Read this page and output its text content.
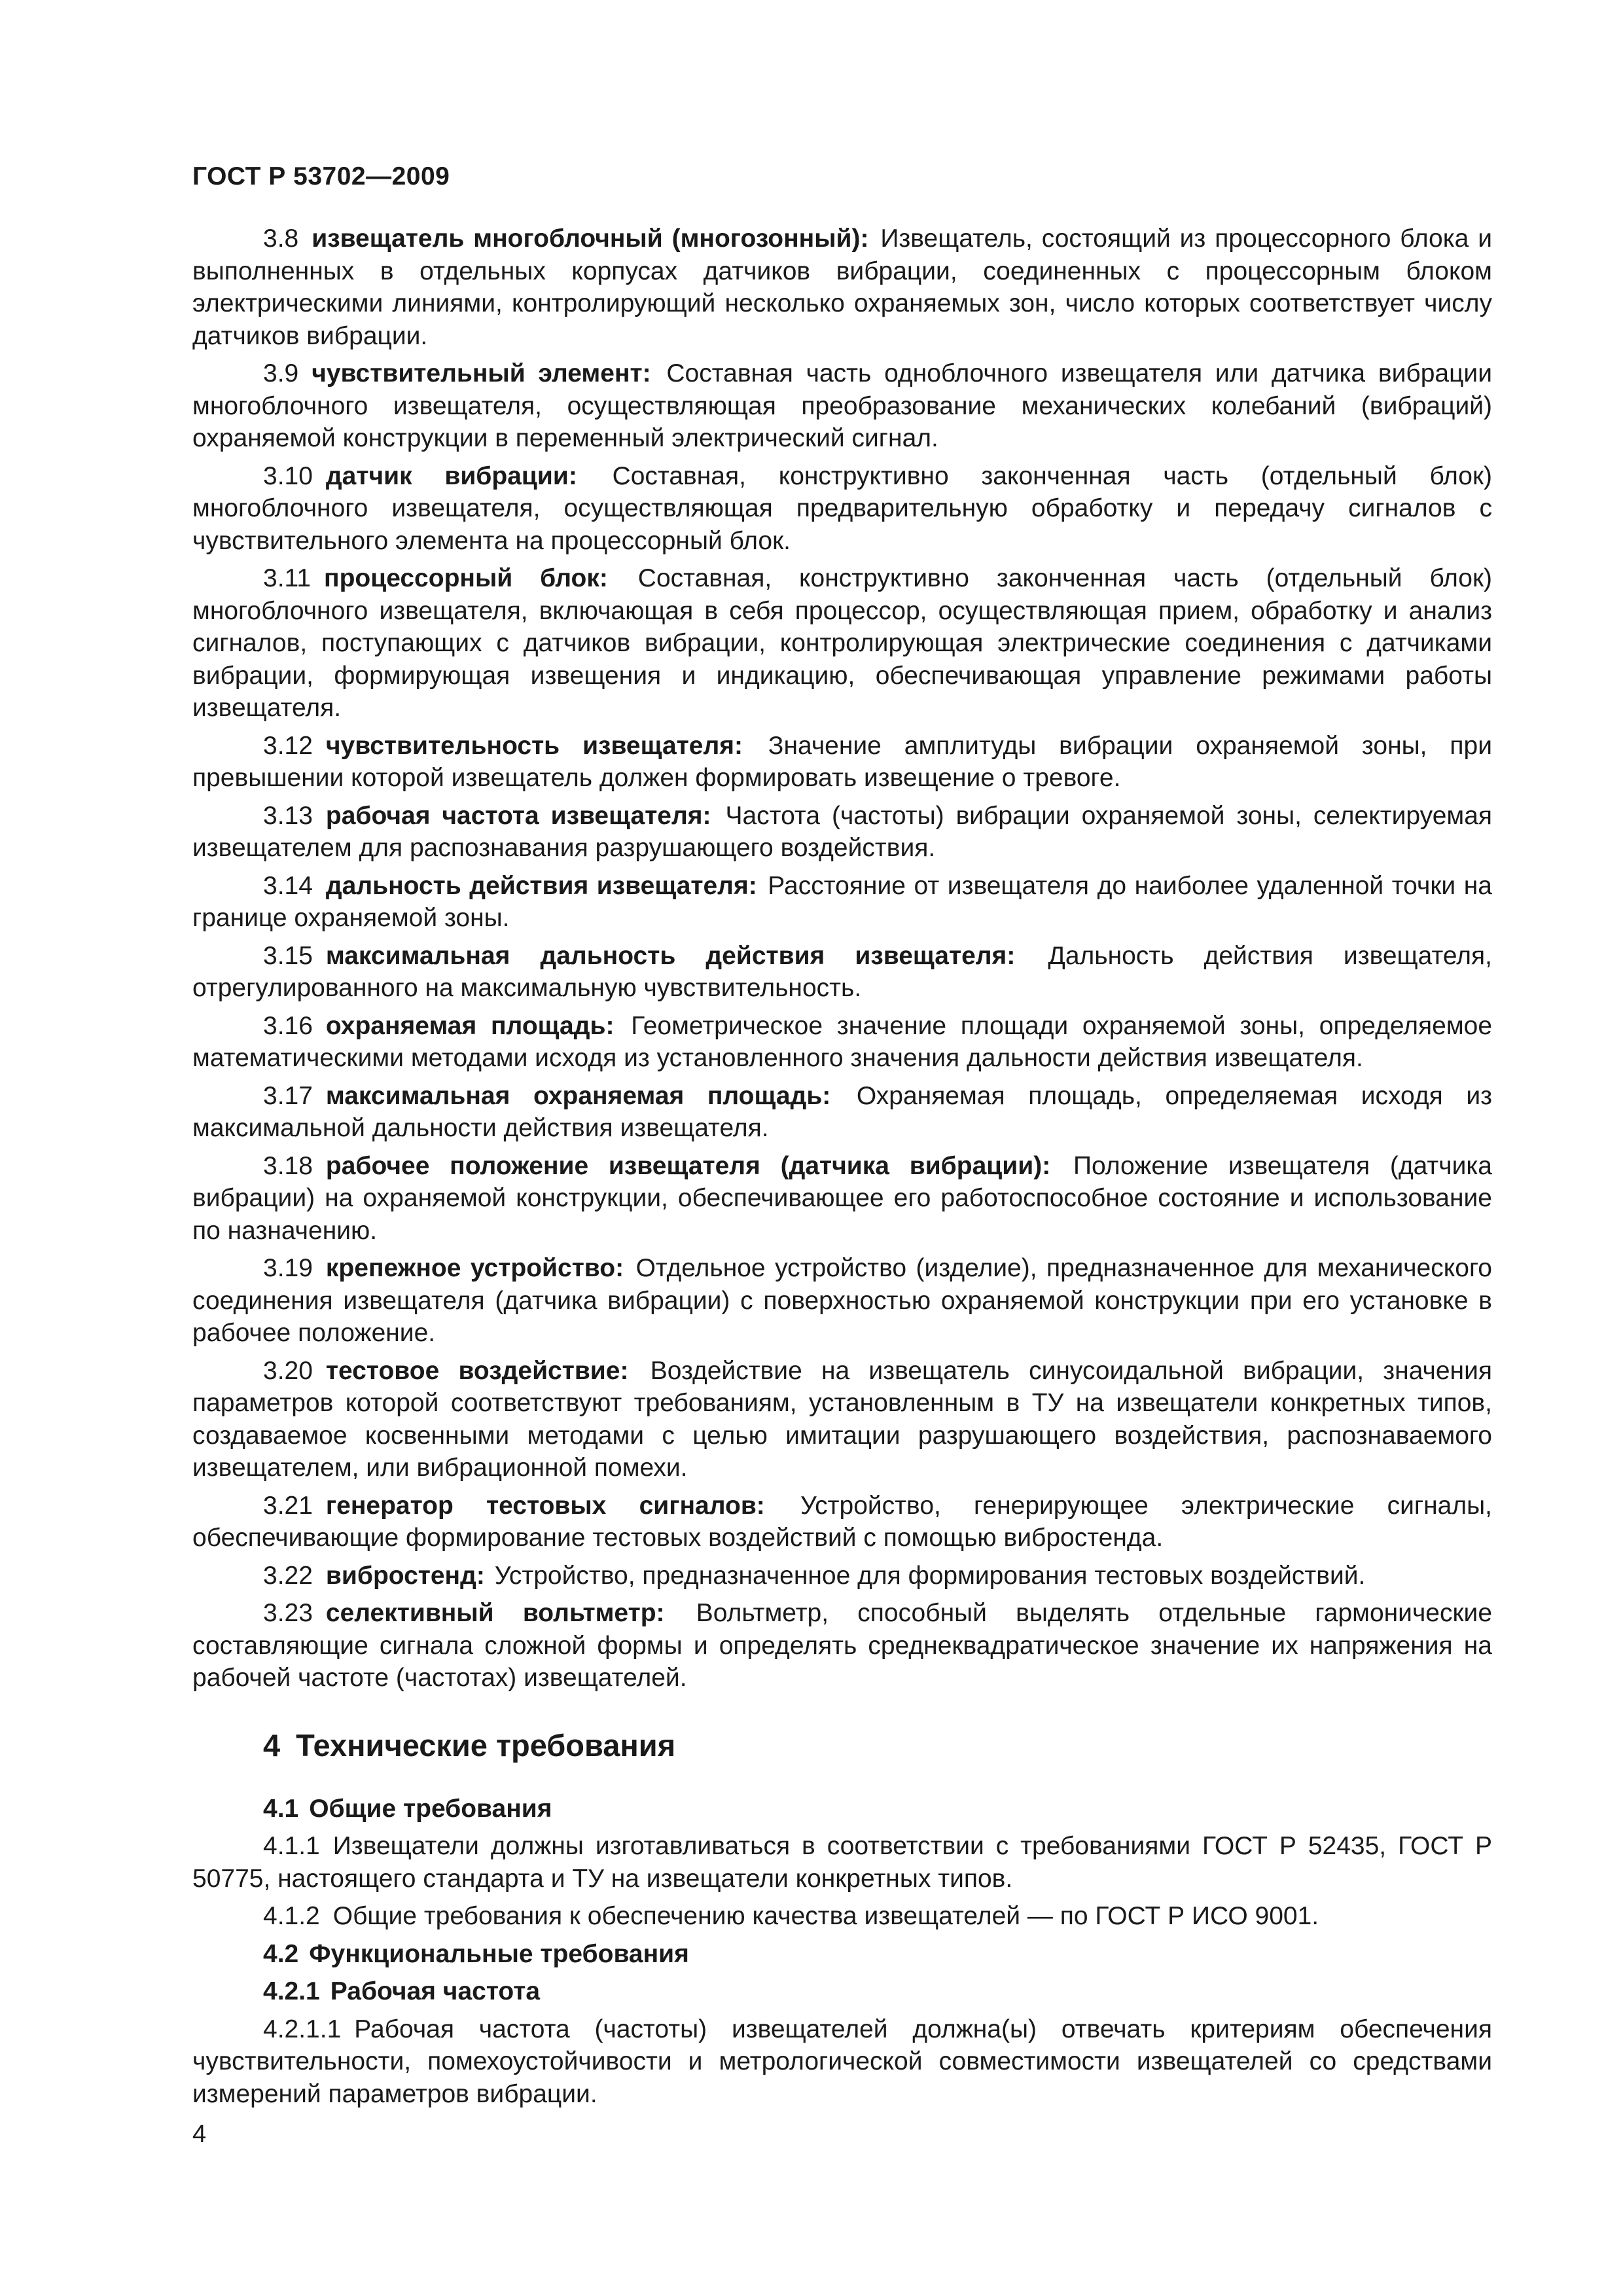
ГОСТ Р 53702—2009

3.8 извещатель многоблочный (многозонный): Извещатель, состоящий из процессорного блока и выполненных в отдельных корпусах датчиков вибрации, соединенных с процессорным блоком электрическими линиями, контролирующий несколько охраняемых зон, число которых соответствует числу датчиков вибрации.

3.9 чувствительный элемент: Составная часть одноблочного извещателя или датчика вибрации многоблочного извещателя, осуществляющая преобразование механических колебаний (вибраций) охраняемой конструкции в переменный электрический сигнал.

3.10 датчик вибрации: Составная, конструктивно законченная часть (отдельный блок) многоблочного извещателя, осуществляющая предварительную обработку и передачу сигналов с чувствительного элемента на процессорный блок.

3.11 процессорный блок: Составная, конструктивно законченная часть (отдельный блок) многоблочного извещателя, включающая в себя процессор, осуществляющая прием, обработку и анализ сигналов, поступающих с датчиков вибрации, контролирующая электрические соединения с датчиками вибрации, формирующая извещения и индикацию, обеспечивающая управление режимами работы извещателя.

3.12 чувствительность извещателя: Значение амплитуды вибрации охраняемой зоны, при превышении которой извещатель должен формировать извещение о тревоге.

3.13 рабочая частота извещателя: Частота (частоты) вибрации охраняемой зоны, селектируемая извещателем для распознавания разрушающего воздействия.

3.14 дальность действия извещателя: Расстояние от извещателя до наиболее удаленной точки на границе охраняемой зоны.

3.15 максимальная дальность действия извещателя: Дальность действия извещателя, отрегулированного на максимальную чувствительность.

3.16 охраняемая площадь: Геометрическое значение площади охраняемой зоны, определяемое математическими методами исходя из установленного значения дальности действия извещателя.

3.17 максимальная охраняемая площадь: Охраняемая площадь, определяемая исходя из максимальной дальности действия извещателя.

3.18 рабочее положение извещателя (датчика вибрации): Положение извещателя (датчика вибрации) на охраняемой конструкции, обеспечивающее его работоспособное состояние и использование по назначению.

3.19 крепежное устройство: Отдельное устройство (изделие), предназначенное для механического соединения извещателя (датчика вибрации) с поверхностью охраняемой конструкции при его установке в рабочее положение.

3.20 тестовое воздействие: Воздействие на извещатель синусоидальной вибрации, значения параметров которой соответствуют требованиям, установленным в ТУ на извещатели конкретных типов, создаваемое косвенными методами с целью имитации разрушающего воздействия, распознаваемого извещателем, или вибрационной помехи.

3.21 генератор тестовых сигналов: Устройство, генерирующее электрические сигналы, обеспечивающие формирование тестовых воздействий с помощью вибростенда.

3.22 вибростенд: Устройство, предназначенное для формирования тестовых воздействий.

3.23 селективный вольтметр: Вольтметр, способный выделять отдельные гармонические составляющие сигнала сложной формы и определять среднеквадратическое значение их напряжения на рабочей частоте (частотах) извещателей.

4 Технические требования

4.1 Общие требования

4.1.1 Извещатели должны изготавливаться в соответствии с требованиями ГОСТ Р 52435, ГОСТ Р 50775, настоящего стандарта и ТУ на извещатели конкретных типов.

4.1.2 Общие требования к обеспечению качества извещателей — по ГОСТ Р ИСО 9001.

4.2 Функциональные требования

4.2.1 Рабочая частота

4.2.1.1 Рабочая частота (частоты) извещателей должна(ы) отвечать критериям обеспечения чувствительности, помехоустойчивости и метрологической совместимости извещателей со средствами измерений параметров вибрации.

4
